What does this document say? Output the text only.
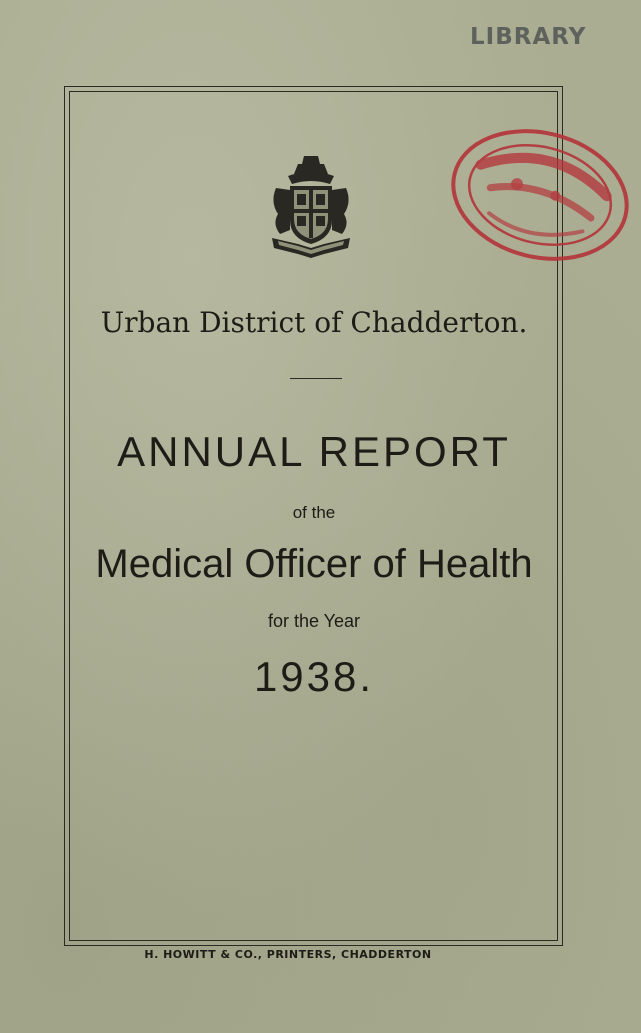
LIBRARY
Urban District of Chadderton.
ANNUAL REPORT
of the
Medical Officer of Health
for the Year
1938.
H. HOWITT & CO., PRINTERS, CHADDERTON
